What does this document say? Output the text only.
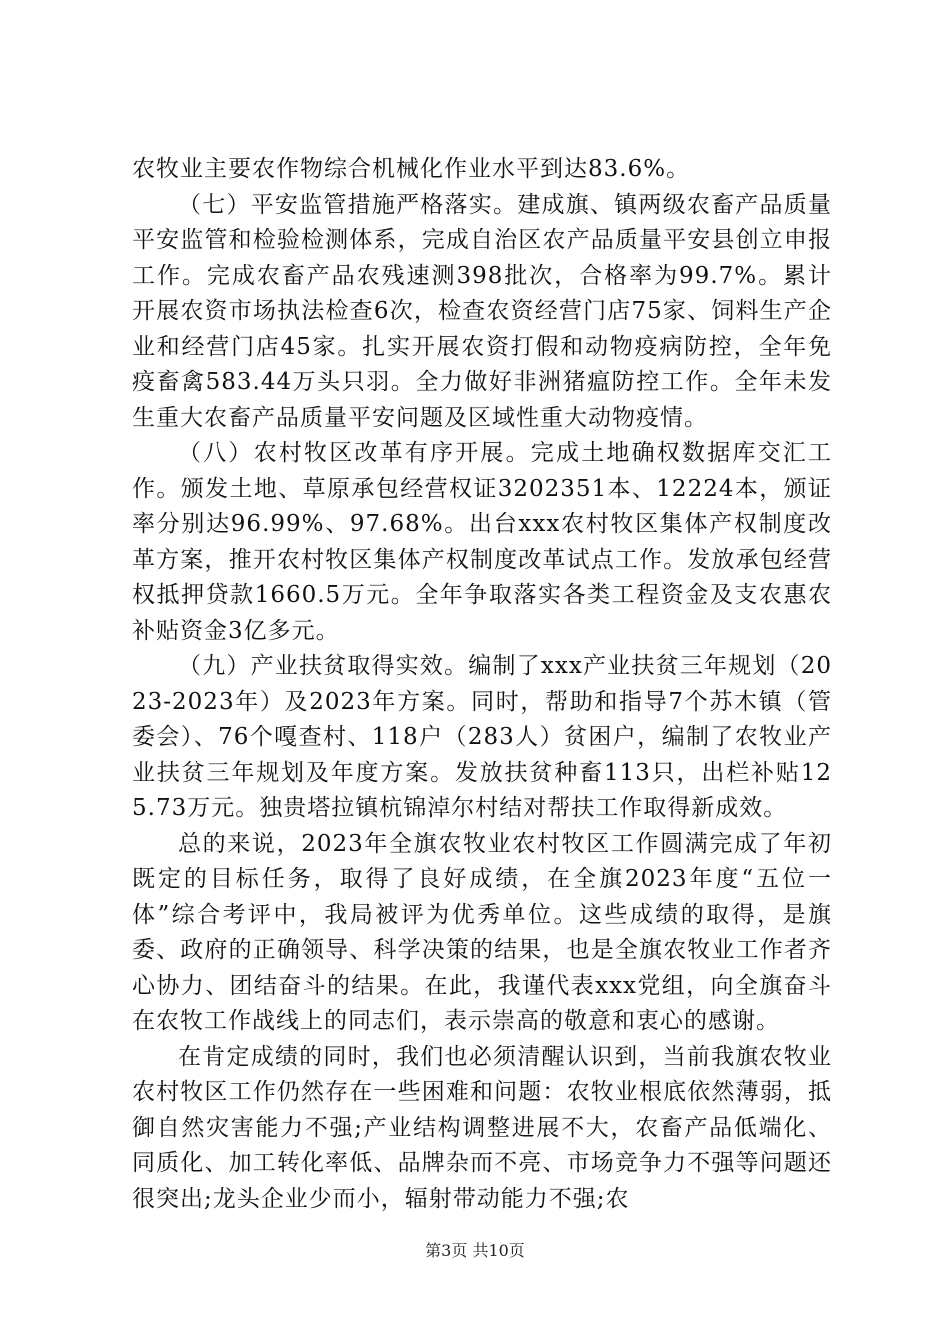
农牧业主要农作物综合机械化作业水平到达83.6%。

（七）平安监管措施严格落实。建成旗、镇两级农畜产品质量平安监管和检验检测体系，完成自治区农产品质量平安县创立申报工作。完成农畜产品农残速测398批次，合格率为99.7%。累计开展农资市场执法检查6次，检查农资经营门店75家、饲料生产企业和经营门店45家。扎实开展农资打假和动物疫病防控，全年免疫畜禽583.44万头只羽。全力做好非洲猪瘟防控工作。全年未发生重大农畜产品质量平安问题及区域性重大动物疫情。

（八）农村牧区改革有序开展。完成土地确权数据库交汇工作。颁发土地、草原承包经营权证3202351本、12224本，颁证率分别达96.99%、97.68%。出台xxx农村牧区集体产权制度改革方案，推开农村牧区集体产权制度改革试点工作。发放承包经营权抵押贷款1660.5万元。全年争取落实各类工程资金及支农惠农补贴资金3亿多元。

（九）产业扶贫取得实效。编制了xxx产业扶贫三年规划（2023-2023年）及2023年方案。同时，帮助和指导7个苏木镇（管委会）、76个嘎查村、118户（283人）贫困户，编制了农牧业产业扶贫三年规划及年度方案。发放扶贫种畜113只，出栏补贴125.73万元。独贵塔拉镇杭锦淖尔村结对帮扶工作取得新成效。

总的来说，2023年全旗农牧业农村牧区工作圆满完成了年初既定的目标任务，取得了良好成绩，在全旗2023年度“五位一体”综合考评中，我局被评为优秀单位。这些成绩的取得，是旗委、政府的正确领导、科学决策的结果，也是全旗农牧业工作者齐心协力、团结奋斗的结果。在此，我谨代表xxx党组，向全旗奋斗在农牧工作战线上的同志们，表示崇高的敬意和衷心的感谢。

在肯定成绩的同时，我们也必须清醒认识到，当前我旗农牧业农村牧区工作仍然存在一些困难和问题：农牧业根底依然薄弱，抵御自然灾害能力不强;产业结构调整进展不大，农畜产品低端化、同质化、加工转化率低、品牌杂而不亮、市场竞争力不强等问题还很突出;龙头企业少而小，辐射带动能力不强;农

第3页 共10页
